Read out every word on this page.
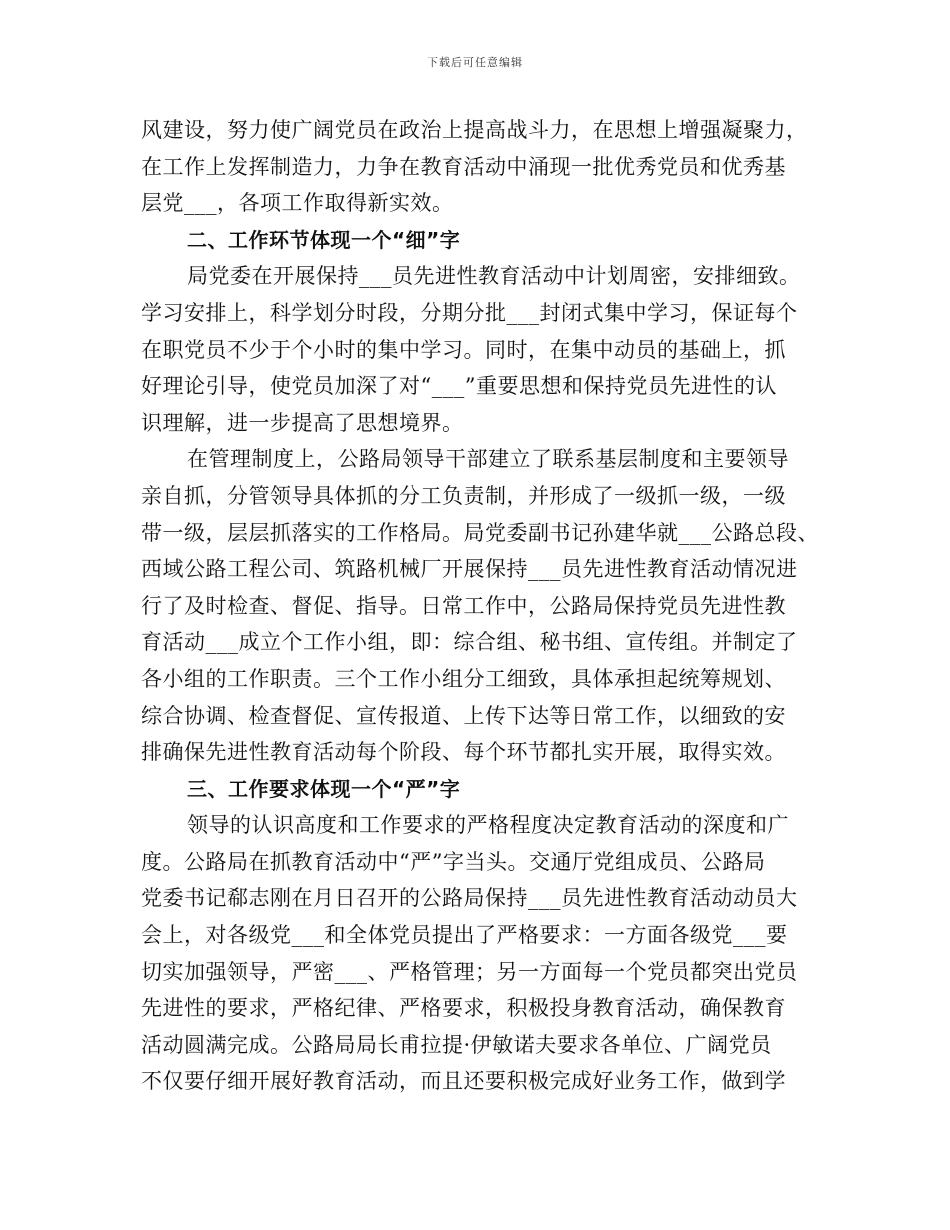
下载后可任意编辑
风建设，努力使广阔党员在政治上提高战斗力，在思想上增强凝聚力，
在工作上发挥制造力，力争在教育活动中涌现一批优秀党员和优秀基
层党___，各项工作取得新实效。
二、工作环节体现一个“细”字
局党委在开展保持___员先进性教育活动中计划周密，安排细致。
学习安排上，科学划分时段，分期分批___封闭式集中学习，保证每个
在职党员不少于个小时的集中学习。同时，在集中动员的基础上，抓
好理论引导，使党员加深了对“___”重要思想和保持党员先进性的认
识理解，进一步提高了思想境界。
在管理制度上，公路局领导干部建立了联系基层制度和主要领导
亲自抓，分管领导具体抓的分工负责制，并形成了一级抓一级，一级
带一级，层层抓落实的工作格局。局党委副书记孙建华就___公路总段、
西域公路工程公司、筑路机械厂开展保持___员先进性教育活动情况进
行了及时检查、督促、指导。日常工作中，公路局保持党员先进性教
育活动___成立个工作小组，即：综合组、秘书组、宣传组。并制定了
各小组的工作职责。三个工作小组分工细致，具体承担起统筹规划、
综合协调、检查督促、宣传报道、上传下达等日常工作，以细致的安
排确保先进性教育活动每个阶段、每个环节都扎实开展，取得实效。
三、工作要求体现一个“严”字
领导的认识高度和工作要求的严格程度决定教育活动的深度和广
度。公路局在抓教育活动中“严”字当头。交通厅党组成员、公路局
党委书记郗志刚在月日召开的公路局保持___员先进性教育活动动员大
会上，对各级党___和全体党员提出了严格要求：一方面各级党___要
切实加强领导，严密___、严格管理；另一方面每一个党员都突出党员
先进性的要求，严格纪律、严格要求，积极投身教育活动，确保教育
活动圆满完成。公路局局长甫拉提·伊敏诺夫要求各单位、广阔党员
不仅要仔细开展好教育活动，而且还要积极完成好业务工作，做到学
